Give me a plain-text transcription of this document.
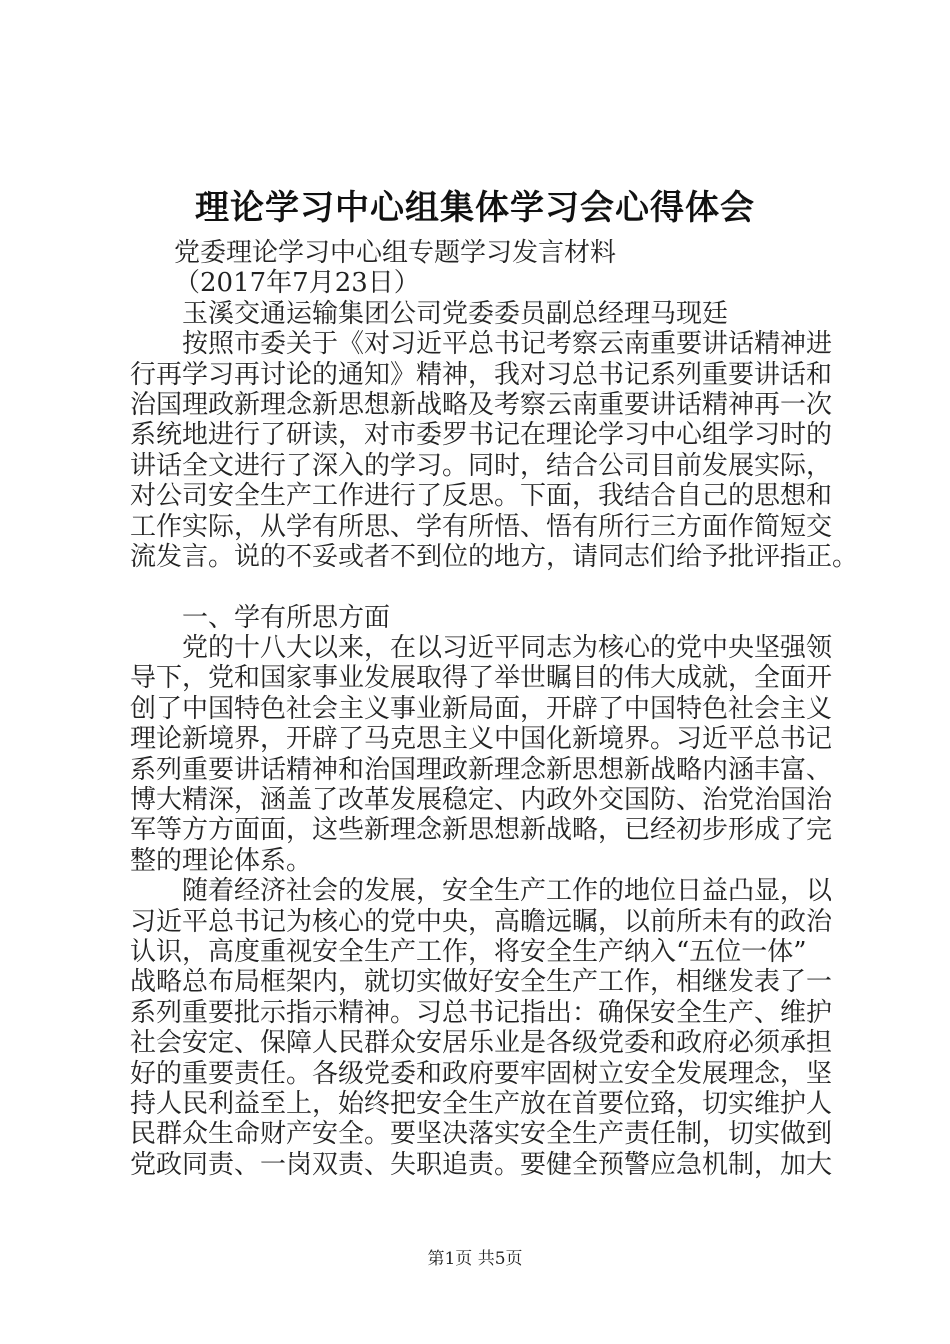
理论学习中心组集体学习会心得体会
党委理论学习中心组专题学习发言材料
（2017年7月23日）
玉溪交通运输集团公司党委委员副总经理马现廷
按照市委关于《对习近平总书记考察云南重要讲话精神进
行再学习再讨论的通知》精神，我对习总书记系列重要讲话和
治国理政新理念新思想新战略及考察云南重要讲话精神再一次
系统地进行了研读，对市委罗书记在理论学习中心组学习时的
讲话全文进行了深入的学习。同时，结合公司目前发展实际，
对公司安全生产工作进行了反思。下面，我结合自己的思想和
工作实际，从学有所思、学有所悟、悟有所行三方面作简短交
流发言。说的不妥或者不到位的地方，请同志们给予批评指正。
一、学有所思方面
党的十八大以来，在以习近平同志为核心的党中央坚强领
导下，党和国家事业发展取得了举世瞩目的伟大成就，全面开
创了中国特色社会主义事业新局面，开辟了中国特色社会主义
理论新境界，开辟了马克思主义中国化新境界。习近平总书记
系列重要讲话精神和治国理政新理念新思想新战略内涵丰富、
博大精深，涵盖了改革发展稳定、内政外交国防、治党治国治
军等方方面面，这些新理念新思想新战略，已经初步形成了完
整的理论体系。
随着经济社会的发展，安全生产工作的地位日益凸显，以
习近平总书记为核心的党中央，高瞻远瞩，以前所未有的政治
认识，高度重视安全生产工作，将安全生产纳入“五位一体”
战略总布局框架内，就切实做好安全生产工作，相继发表了一
系列重要批示指示精神。习总书记指出：确保安全生产、维护
社会安定、保障人民群众安居乐业是各级党委和政府必须承担
好的重要责任。各级党委和政府要牢固树立安全发展理念，坚
持人民利益至上，始终把安全生产放在首要位臵，切实维护人
民群众生命财产安全。要坚决落实安全生产责任制，切实做到
党政同责、一岗双责、失职追责。要健全预警应急机制，加大
第1页 共5页
